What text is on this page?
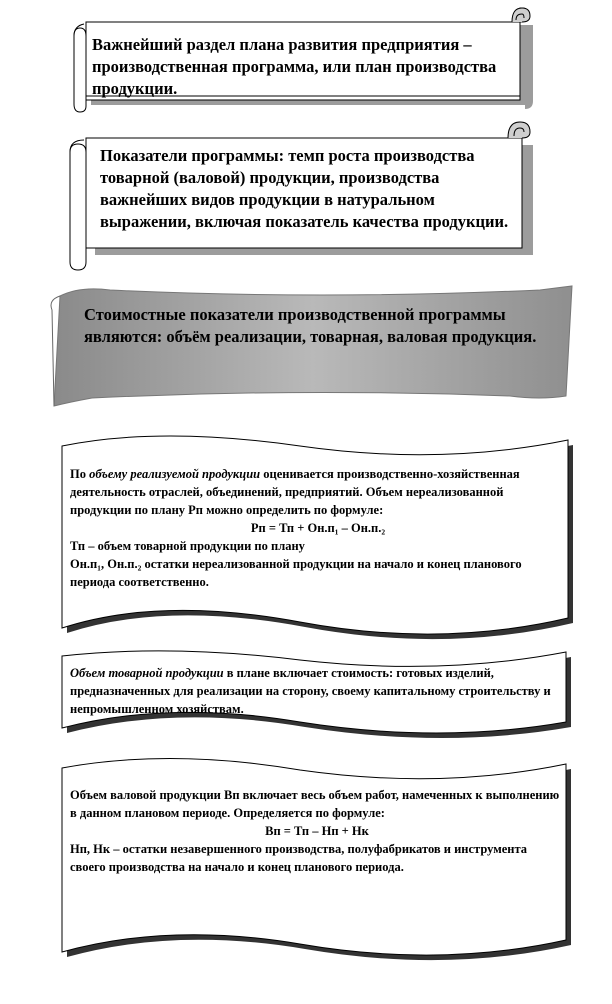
Важнейший раздел плана развития предприятия – производственная программа, или план производства продукции.
Показатели программы: темп роста производства товарной (валовой) продукции, производства важнейших видов продукции в натуральном выражении, включая показатель качества продукции.
Стоимостные показатели производственной программы являются: объём реализации, товарная, валовая продукция.
По объему реализуемой продукции оценивается производственно-хозяйственная деятельность отраслей, объединений, предприятий. Объем нереализованной продукции по плану Рп можно определить по формуле:
Рп = Тп + Он.п₁ – Он.п.₂
Тп – объем товарной продукции по плану
Он.п₁, Он.п.₂ остатки нереализованной продукции на начало и конец планового периода соответственно.
Объем товарной продукции в плане включает стоимость: готовых изделий, предназначенных для реализации на сторону, своему капитальному строительству и непромышленном хозяйствам.
Объем валовой продукции Вп включает весь объем работ, намеченных к выполнению в данном плановом периоде. Определяется по формуле:
Вп = Тп – Нп + Нк
Нп, Нк – остатки незавершенного производства, полуфабрикатов и инструмента своего производства на начало и конец планового периода.
